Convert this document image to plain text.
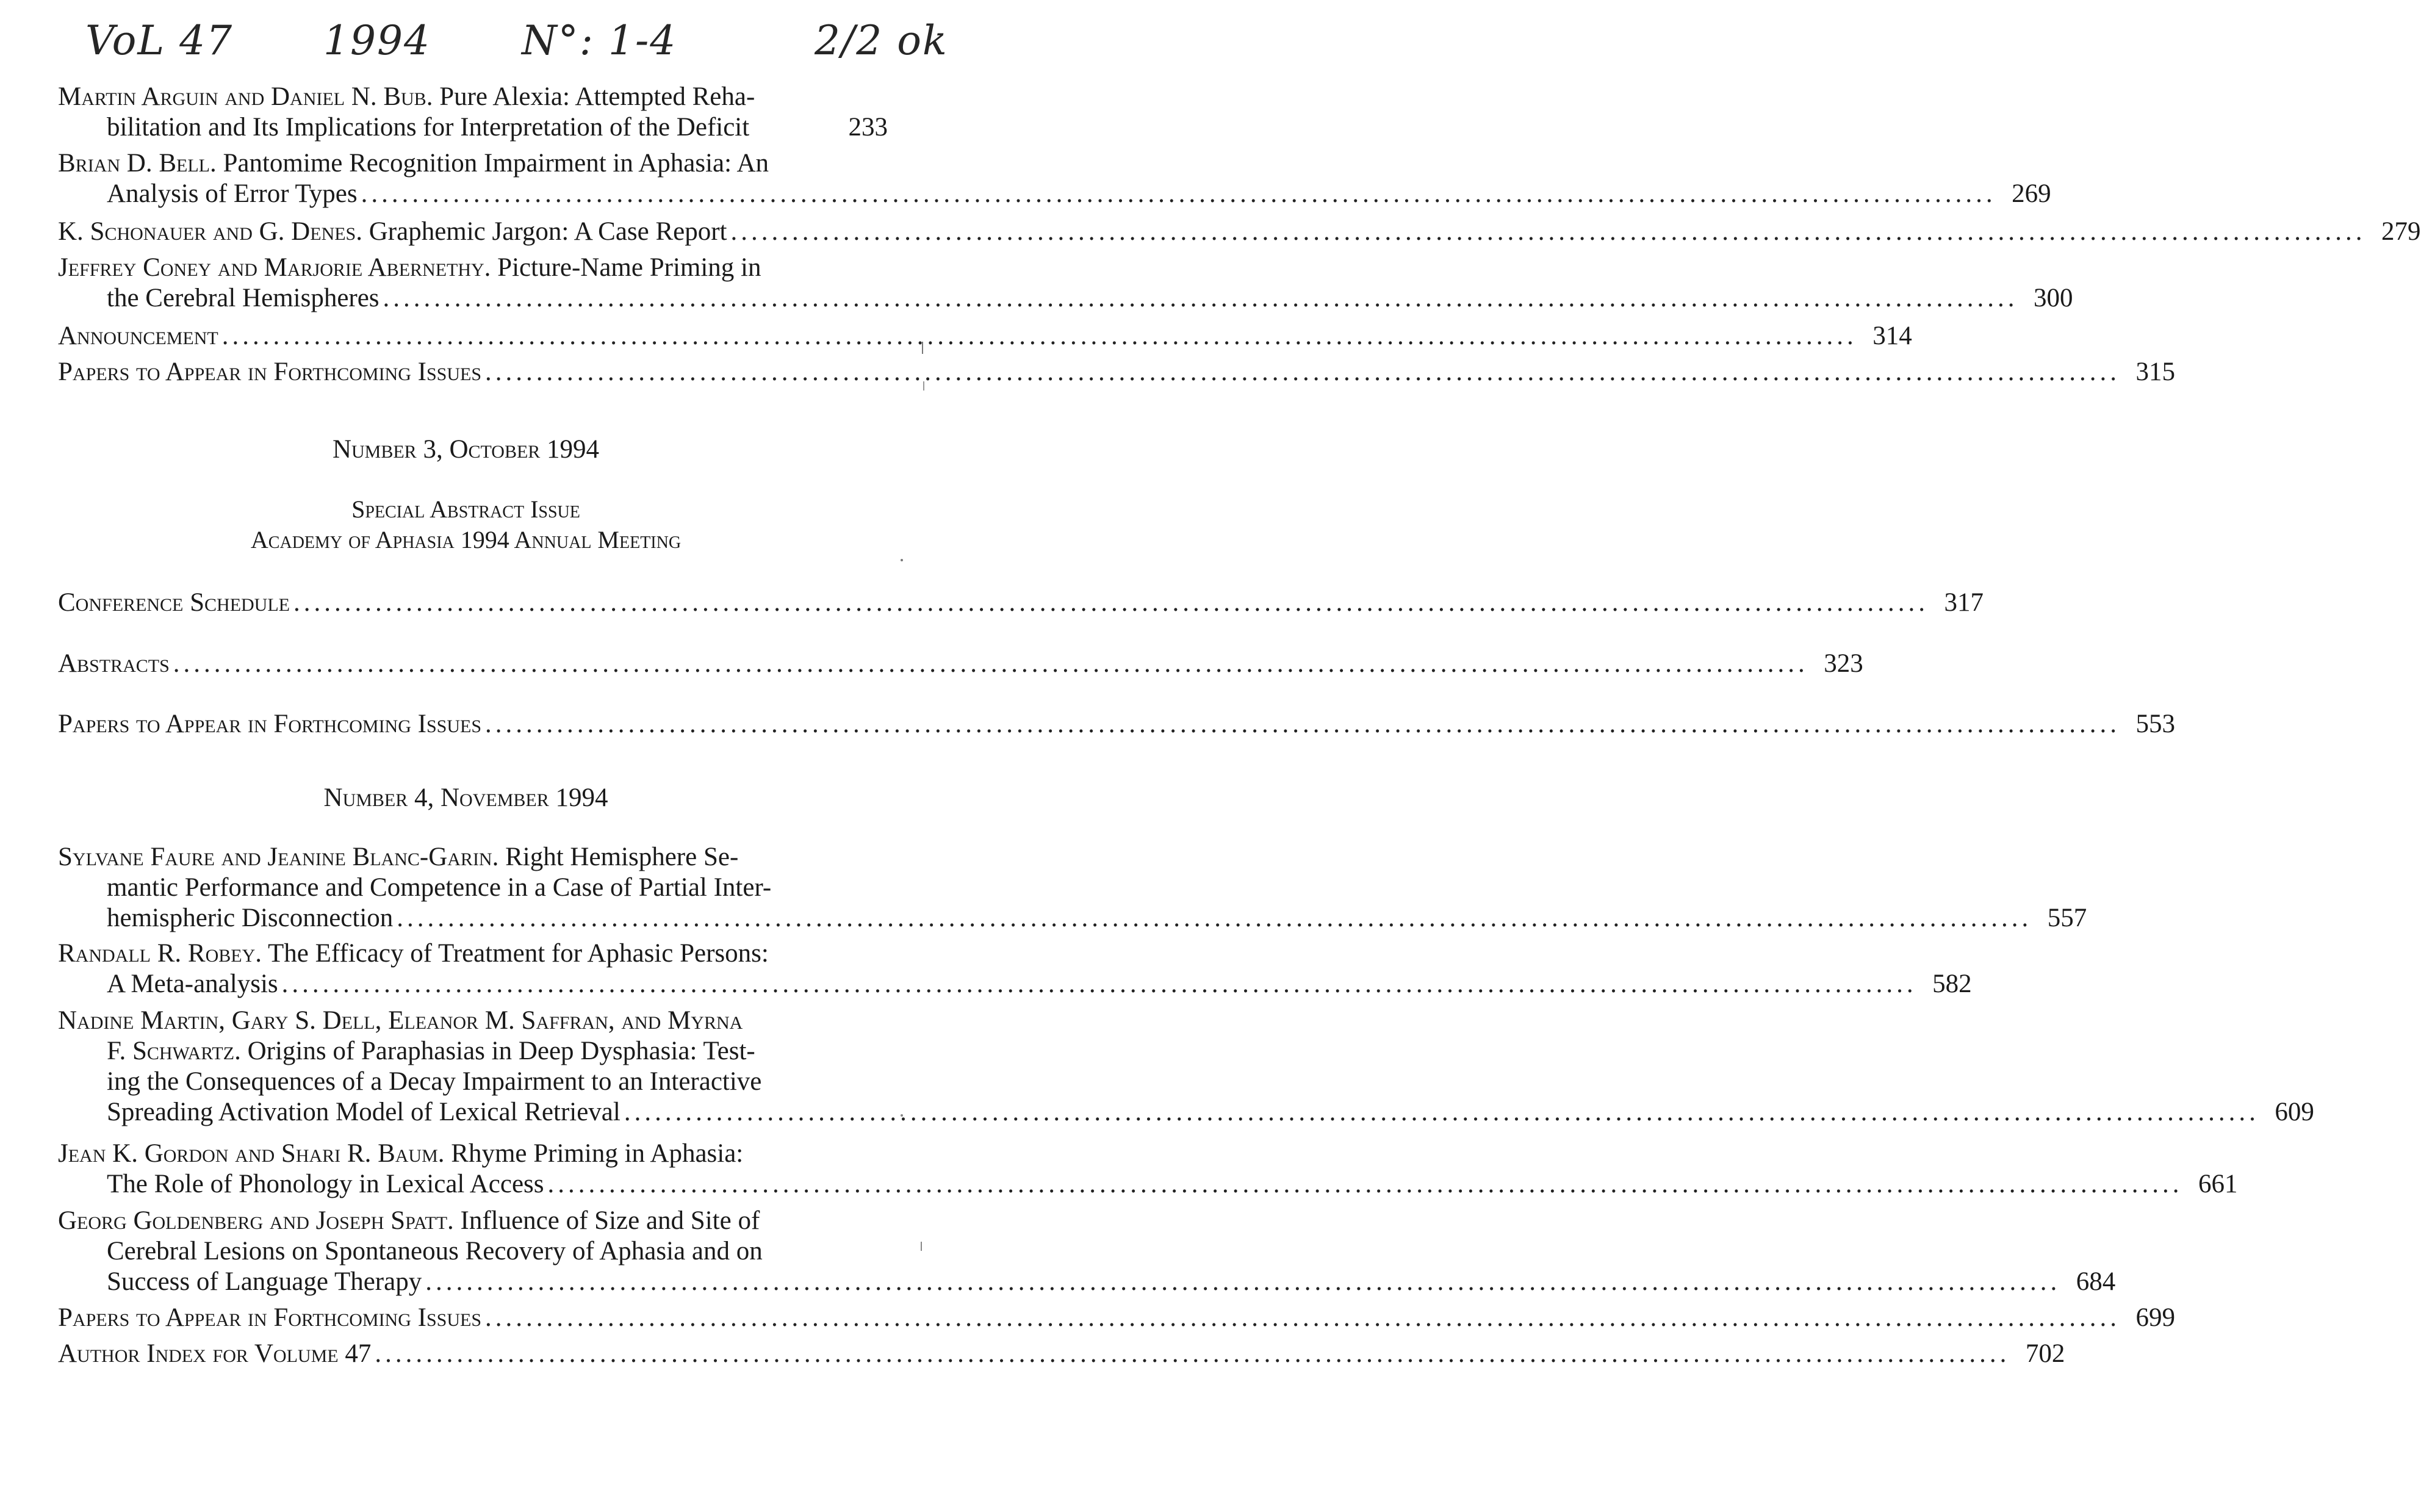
VoL 47 1994 N°: 1-4	2/2 ok
Martin Arguin and Daniel N. Bub. Pure Alexia: Attempted Reha-
bilitation and Its Implications for Interpretation of the Deficit	233
Brian D. Bell. Pantomime Recognition Impairment in Aphasia: An
Analysis of Error Types .....	269
K. Schonauer and G. Denes. Graphemic Jargon: A Case Report .....	279
Jeffrey Coney and Marjorie Abernethy. Picture-Name Priming in
the Cerebral Hemispheres .....	300
Announcement .....	314
Papers to Appear in Forthcoming Issues .....	315
Number 3, October 1994
Special Abstract Issue
Academy of Aphasia 1994 Annual Meeting
Conference Schedule .....	317
Abstracts .....	323
Papers to Appear in Forthcoming Issues .....	553
Number 4, November 1994
Sylvane Faure and Jeanine Blanc-Garin. Right Hemisphere Se-
mantic Performance and Competence in a Case of Partial Inter-
hemispheric Disconnection .....	557
Randall R. Robey. The Efficacy of Treatment for Aphasic Persons:
A Meta-analysis .....	582
Nadine Martin, Gary S. Dell, Eleanor M. Saffran, and Myrna
F. Schwartz. Origins of Paraphasias in Deep Dysphasia: Test-
ing the Consequences of a Decay Impairment to an Interactive
Spreading Activation Model of Lexical Retrieval .....	609
Jean K. Gordon and Shari R. Baum. Rhyme Priming in Aphasia:
The Role of Phonology in Lexical Access .....	661
Georg Goldenberg and Joseph Spatt. Influence of Size and Site of
Cerebral Lesions on Spontaneous Recovery of Aphasia and on
Success of Language Therapy .....	684
Papers to Appear in Forthcoming Issues .....	699
Author Index for Volume 47 .....	702
